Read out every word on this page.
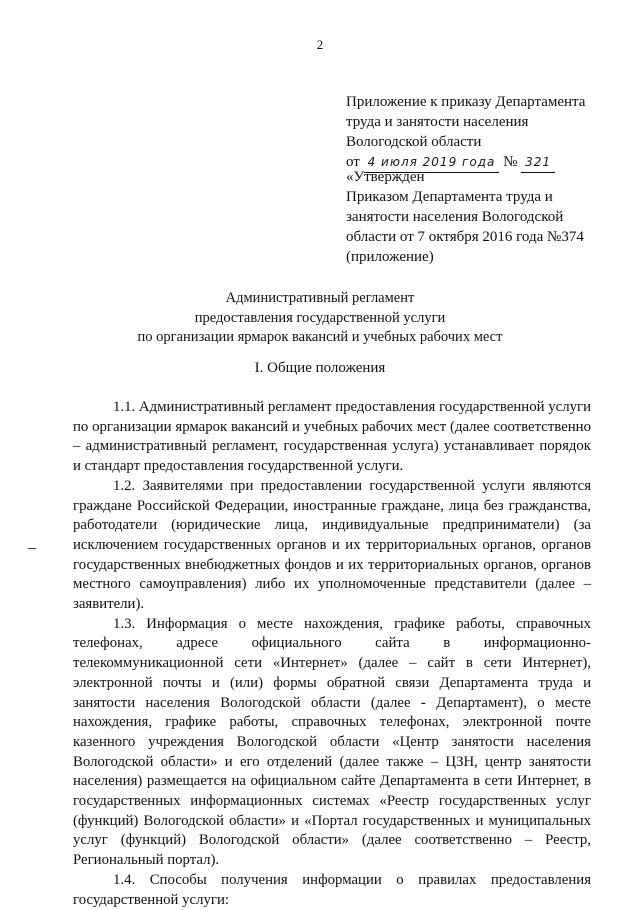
2
Приложение к приказу Департамента
труда и занятости населения
Вологодской области
от 4 июля 2019 года № 321
«Утвержден
Приказом Департамента труда и
занятости населения Вологодской
области от 7 октября 2016 года №374
(приложение)
Административный регламент
предоставления государственной услуги
по организации ярмарок вакансий и учебных рабочих мест
I. Общие положения

1.1. Административный регламент предоставления государственной услуги по организации ярмарок вакансий и учебных рабочих мест (далее соответственно – административный регламент, государственная услуга) устанавливает порядок и стандарт предоставления государственной услуги.

1.2. Заявителями при предоставлении государственной услуги являются граждане Российской Федерации, иностранные граждане, лица без гражданства, работодатели (юридические лица, индивидуальные предприниматели) (за исключением государственных органов и их территориальных органов, органов государственных внебюджетных фондов и их территориальных органов, органов местного самоуправления) либо их уполномоченные представители (далее – заявители).

1.3. Информация о месте нахождения, графике работы, справочных телефонах, адресе официального сайта в информационно-телекоммуникационной сети «Интернет» (далее – сайт в сети Интернет), электронной почты и (или) формы обратной связи Департамента труда и занятости населения Вологодской области (далее - Департамент), о месте нахождения, графике работы, справочных телефонах, электронной почте казенного учреждения Вологодской области «Центр занятости населения Вологодской области» и его отделений (далее также – ЦЗН, центр занятости населения) размещается на официальном сайте Департамента в сети Интернет, в государственных информационных системах «Реестр государственных услуг (функций) Вологодской области» и «Портал государственных и муниципальных услуг (функций) Вологодской области» (далее соответственно – Реестр, Региональный портал).

1.4. Способы получения информации о правилах предоставления государственной услуги:
